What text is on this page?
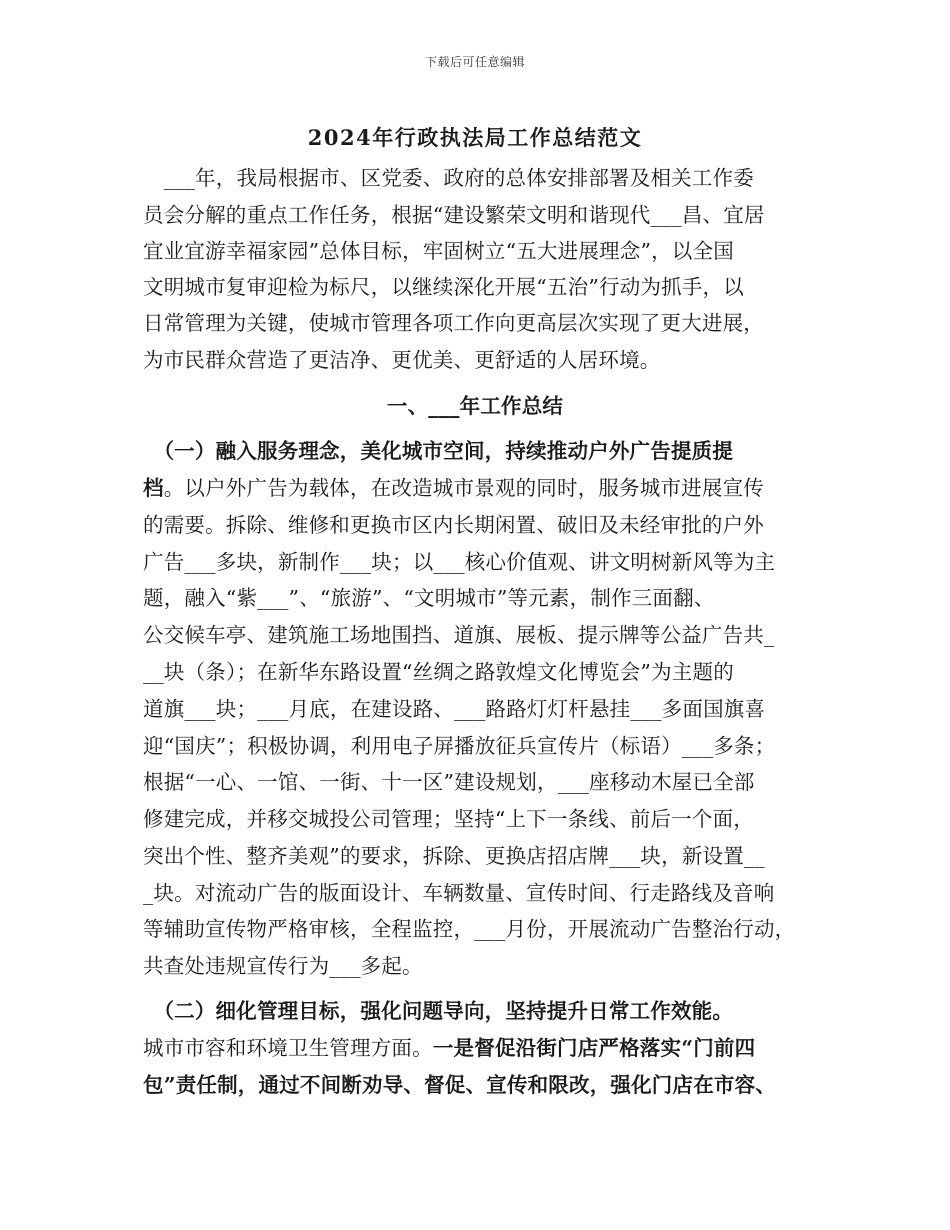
下载后可任意编辑
2024年行政执法局工作总结范文
　___年，我局根据市、区党委、政府的总体安排部署及相关工作委
员会分解的重点工作任务，根据“建设繁荣文明和谐现代___昌、宜居
宜业宜游幸福家园”总体目标，牢固树立“五大进展理念”，以全国
文明城市复审迎检为标尺，以继续深化开展“五治”行动为抓手，以
日常管理为关键，使城市管理各项工作向更高层次实现了更大进展，
为市民群众营造了更洁净、更优美、更舒适的人居环境。
一、___年工作总结
　（一）融入服务理念，美化城市空间，持续推动户外广告提质提
档。以户外广告为载体，在改造城市景观的同时，服务城市进展宣传
的需要。拆除、维修和更换市区内长期闲置、破旧及未经审批的户外
广告___多块，新制作___块；以___核心价值观、讲文明树新风等为主
题，融入“紫___”、“旅游”、“文明城市”等元素，制作三面翻、
公交候车亭、建筑施工场地围挡、道旗、展板、提示牌等公益广告共_
__块（条）；在新华东路设置“丝绸之路敦煌文化博览会”为主题的
道旗___块；___月底，在建设路、___路路灯灯杆悬挂___多面国旗喜
迎“国庆”；积极协调，利用电子屏播放征兵宣传片（标语）___多条；
根据“一心、一馆、一街、十一区”建设规划，___座移动木屋已全部
修建完成，并移交城投公司管理；坚持“上下一条线、前后一个面，
突出个性、整齐美观”的要求，拆除、更换店招店牌___块，新设置__
_块。对流动广告的版面设计、车辆数量、宣传时间、行走路线及音响
等辅助宣传物严格审核，全程监控，___月份，开展流动广告整治行动，
共查处违规宣传行为___多起。
　（二）细化管理目标，强化问题导向，坚持提升日常工作效能。
城市市容和环境卫生管理方面。一是督促沿街门店严格落实“门前四
包”责任制，通过不间断劝导、督促、宣传和限改，强化门店在市容、
